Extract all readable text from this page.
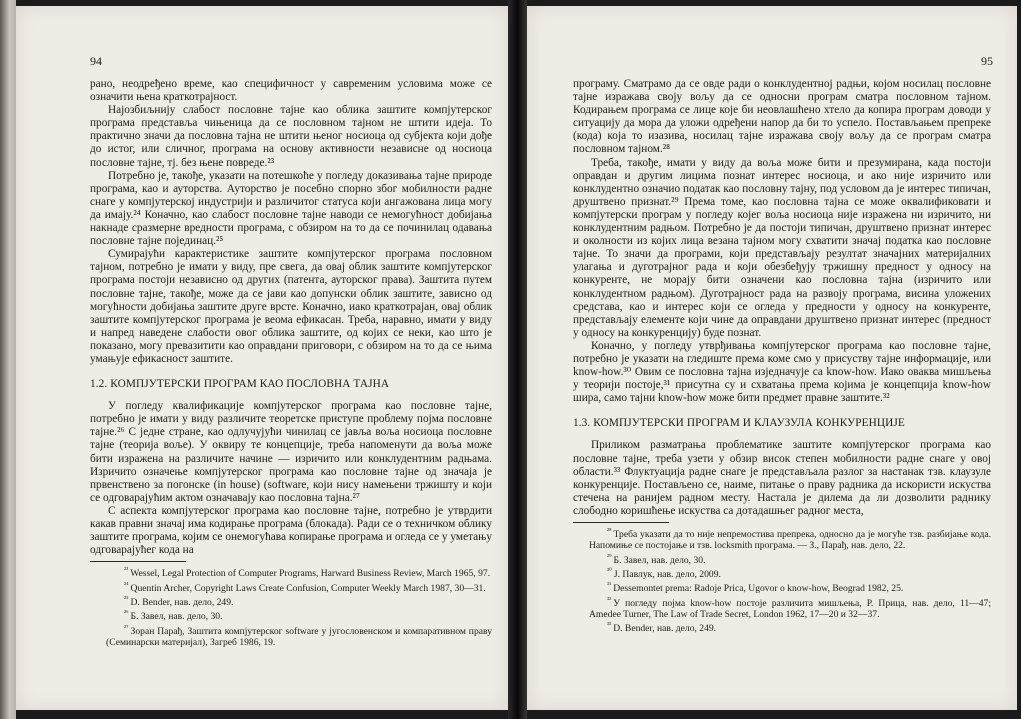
94

рано, неодређено време, као специфичност у савременим условима може се означити њена краткотрајност.

Најозбиљнију слабост пословне тајне као облика заштите компјутерског програма представља чињеница да се пословном тајном не штити идеја. То практично значи да пословна тајна не штити њеног носиоца од субјекта који дође до истог, или сличног, програма на основу активности независне од носиоца пословне тајне, тј. без њене повреде.²³

Потребно је, такође, указати на потешкоће у погледу доказивања тајне природе програма, као и ауторства. Ауторство је посебно спорно због мобилности радне снаге у компјутерској индустрији и различитог статуса који ангажована лица могу да имају.²⁴ Коначно, као слабост пословне тајне наводи се немогућност добијања накнаде сразмерне вредности програма, с обзиром на то да се починилац одавања пословне тајне појединац.²⁵

Сумирајући карактеристике заштите компјутерског програма пословном тајном, потребно је имати у виду, пре свега, да овај облик заштите компјутерског програма постоји независно од других (патента, ауторског права). Заштита путем пословне тајне, такође, може да се јави као допунски облик заштите, зависно од могућности добијања заштите друге врсте. Коначно, иако краткотрајан, овај облик заштите компјутерског програма је веома ефикасан. Треба, наравно, имати у виду и напред наведене слабости овог облика заштите, од којих се неки, као што је показано, могу превазитити као оправдани приговори, с обзиром на то да се њима умањује ефикасност заштите.

1.2. КОМПЈУТЕРСКИ ПРОГРАМ КАО ПОСЛОВНА ТАЈНА

У погледу квалификације компјутерског програма као пословне тајне, потребно је имати у виду различите теоретске приступе проблему појма пословне тајне.²⁶ С једне стране, као одлучујући чинилац се јавља воља носиоца пословне тајне (теорија воље). У оквиру те концепције, треба напоменути да воља може бити изражена на различите начине — изричито или конклудентним радњама. Изричито означење компјутерског програма као пословне тајне од значаја је првенствено за погонске (in house) (software, који нису намењени тржишту и који се одговарајућим актом означавају као пословна тајна.²⁷

С аспекта компјутерског програма као пословне тајне, потребно је утврдити какав правни значај има кодирање програма (блокада). Ради се о техничком облику заштите програма, којим се онемогућава копирање програма и огледа се у уметању одговарајућег кода на

$^{^{23}}$ Wessel, Legal Protection of Computer Programs, Harward Business Review, March 1965, 97.

$^{^{24}}$ Quentin Archer, Copyright Laws Create Confusion, Computer Weekly March 1987, 30—31.

$^{^{25}}$ D. Bender, нав. дело, 249.

$^{^{26}}$ Б. Завел, нав. дело, 30.

$^{^{27}}$ Зоран Парађ, Заштита компјутерског software у југословенском и компаративном праву (Семинарски материјал), Загреб 1986, 19.

95

програму. Сматрамо да се овде ради о конклудентној радњи, којом носилац пословне тајне изражава своју вољу да се односни програм сматра пословном тајном. Кодирањем програма се лице које би неовлашћено хтело да копира програм доводи у ситуацију да мора да уложи одређени напор да би то успело. Постављањем препреке (кода) која то изазива, носилац тајне изражава своју вољу да се програм сматра пословном тајном.²⁸

Треба, такође, имати у виду да воља може бити и презумирана, када постоји оправдан и другим лицима познат интерес носиоца, и ако није изричито или конклудентно означио податак као пословну тајну, под условом да је интерес типичан, друштвено признат.²⁹ Према томе, као пословна тајна се може оквалификовати и компјутерски програм у погледу којег воља носиоца није изражена ни изричито, ни конклудентним радњом. Потребно је да постоји типичан, друштвено признат интерес и околности из којих лица везана тајном могу схватити значај податка као пословне тајне. То значи да програми, који представљају резултат значајних материјалних улагања и дуготрајног рада и који обезбеђују тржишну предност у односу на конкуренте, не морају бити означени као пословна тајна (изричито или конклудентном радњом). Дуготрајност рада на развоју програма, висина уложених средстава, као и интерес који се огледа у предности у односу на конкуренте, представљају елементе који чине да оправдани друштвено признат интерес (предност у односу на конкуренцију) буде познат.

Коначно, у погледу утврђивања компјутерског програма као пословне тајне, потребно је указати на гледиште према коме смо у присуству тајне информације, или know-how.³⁰ Овим се пословна тајна изједначује са know-how. Иако оваква мишљења у теорији постоје,³¹ присутна су и схватања према којима је концепција know-how шира, само тајни know-how може бити предмет правне заштите.³²

1.3. КОМПЈУТЕРСКИ ПРОГРАМ И КЛАУЗУЛА КОНКУРЕНЦИЈЕ

Приликом разматрања проблематике заштите компјутерског програма као пословне тајне, треба узети у обзир висок степен мобилности радне снаге у овој области.³³ Флуктуација радне снаге је представљала разлог за настанак тзв. клаузуле конкуренције. Постављено се, наиме, питање о праву радника да искористи искуства стечена на ранијем радном месту. Настала је дилема да ли дозволити раднику слободно коришћење искуства са дотадашњег радног места,

$^{^{28}}$ Треба указати да то није непремостива препрека, односно да је могуће тзв. разбијање кода. Напомиње се постојање и тзв. locksmith програма. — З., Парађ, нав. дело, 22.

$^{^{29}}$ Б. Завел, нав. дело, 30.

$^{^{30}}$ Ј. Павлук, нав. дело, 2009.

$^{^{31}}$ Dessemontet prema: Radoje Prica, Ugovor o know-how, Beograd 1982, 25.

$^{^{32}}$ У погледу појма know-how постоје различита мишљења, Р. Прица, нав. дело, 11—47; Amedee Turner, The Law of Trade Secret, London 1962, 17—20 и 32—37.

$^{^{33}}$ D. Bender, нав. дело, 249.
